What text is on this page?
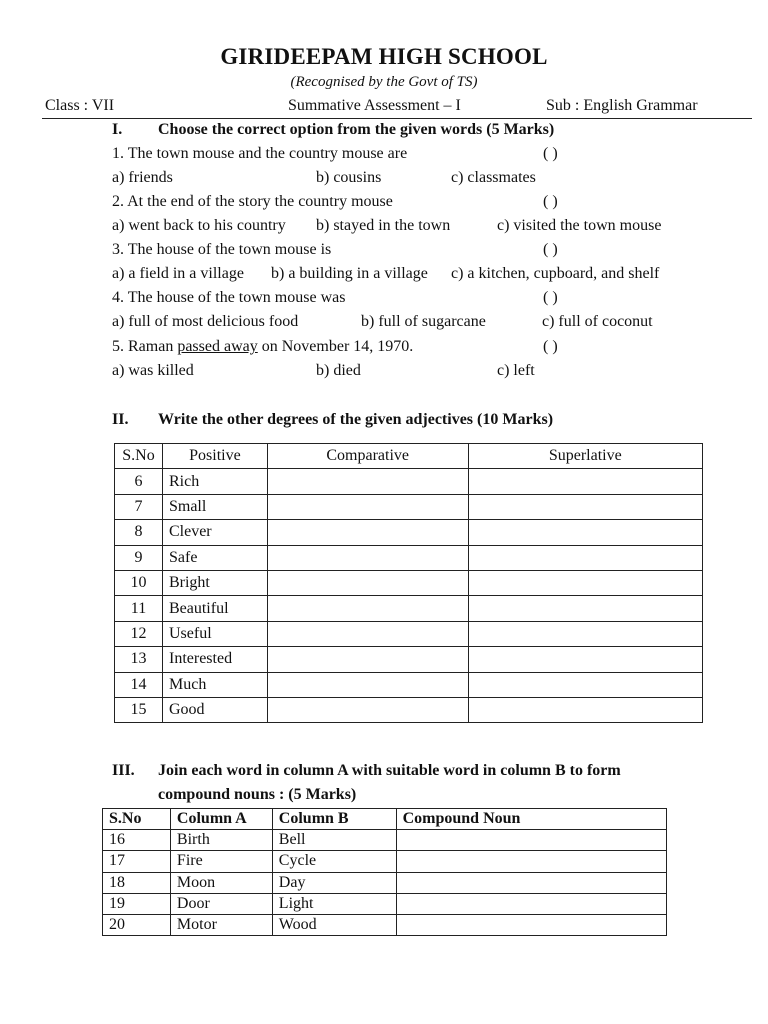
GIRIDEEPAM HIGH SCHOOL
(Recognised by the Govt of TS)
Class : VII	Summative Assessment – I	Sub : English Grammar
I. Choose the correct option from the given words (5 Marks)
1. The town mouse and the country mouse are	( )
a) friends	b) cousins	c) classmates
2. At the end of the story the country mouse	( )
a) went back to his country b) stayed in the town	c) visited the town mouse
3. The house of the town mouse is	( )
a) a field in a village b) a building in a village c) a kitchen, cupboard, and shelf
4. The house of the town mouse was	( )
a) full of most delicious food	b) full of sugarcane	c) full of coconut
5. Raman passed away on November 14, 1970.	( )
a) was killed	b) died	c) left
II. Write the other degrees of the given adjectives (10 Marks)
S.No	Positive	Comparative	Superlative
6	Rich		
7	Small		
8	Clever		
9	Safe		
10	Bright		
11	Beautiful		
12	Useful		
13	Interested		
14	Much		
15	Good		
III. Join each word in column A with suitable word in column B to form
compound nouns : (5 Marks)
S.No	Column A	Column B	Compound Noun
16	Birth	Bell	
17	Fire	Cycle	
18	Moon	Day	
19	Door	Light	
20	Motor	Wood	
